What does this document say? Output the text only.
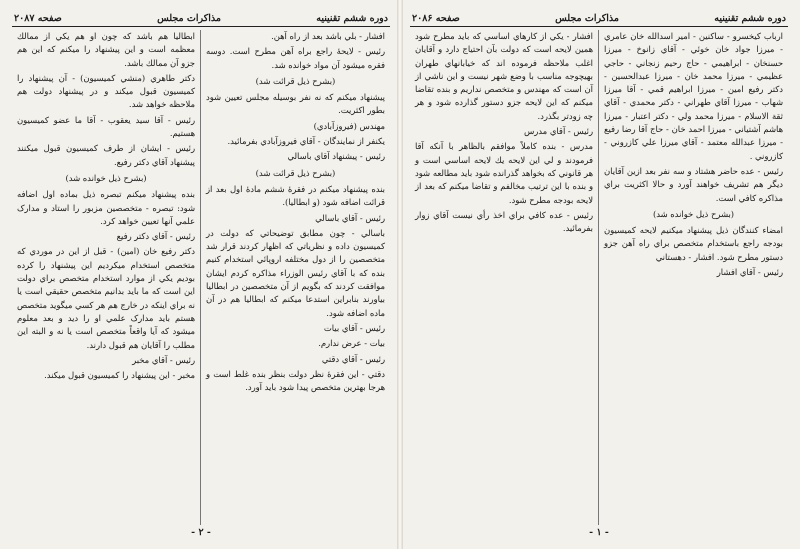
دوره ششم تقنينيه
مذاكرات مجلس
صفحه ۲۰۸۷

افشار - بلي باشد بعد از راه آهن.

رئيس - لايحهٔ راجع براه آهن مطرح است. دوسه فقره ميشود آن مواد خوانده شد.

(بشرح ذيل قرائت شد)

پيشنهاد ميکنم که نه نفر بوسيله مجلس تعيين شود بطور اكثريت.

مهندس (فيروزآبادي)

يكنفر از نمايندگان - آقاي فيروزآبادي بفرمائيد.

رئيس - پيشنهاد آقاي باسالي

(بشرح ذيل قرائت شد)

بنده پيشنهاد ميکنم در فقرهٔ ششم مادهٔ اول بعد از قرائت اضافه شود (و ابطاليا).

رئيس - آقاي باسالي

باسالي - چون مطابق توضيحاتي كه دولت در كميسيون داده و نظرياتي كه اظهار كردند قرار شد متخصصين را از دول مختلفه اروپائي استخدام كنيم بنده كه با آقاي رئيس الوزراء مذاكره كردم ايشان موافقت كردند كه بگويم از آن متخصصين در ابطاليا بياورند بنابراين استدعا ميكنم كه ابطاليا هم در آن ماده اضافه شود.

رئيس - آقاي بيات

بيات - عرض ندارم.

رئيس - آقاي دقتي

دقتي - اين فقرهٔ نظر دولت بنظر بنده غلط است و هرجا بهترين متخصص پيدا شود بايد آورد.

ابطاليا هم باشد كه چون او هم يكي از ممالك معظمه است و اين پيشنهاد را ميكنم كه اين هم جزو آن ممالك باشد.

دكتر طاهري (منشي كميسيون) - آن پيشنهاد را كميسيون قبول ميكند و در پيشنهاد دولت هم ملاحظه خواهد شد.

رئيس - آقا سيد يعقوب - آقا ما عضو كميسيون هستيم.

رئيس - ايشان از طرف كميسيون قبول ميكنند پيشنهاد آقاي دكتر رفيع.

(بشرح ذيل خوانده شد)

بنده پيشنهاد ميکنم تبصره ذيل بماده اول اضافه شود: تبصره - متخصصين مزبور را استاد و مدارک علمي آنها تعيين خواهد كرد.

رئيس - آقاي دكتر رفيع

دكتر رفيع خان (امين) - قبل از اين در موردي كه متخصص استخدام ميكرديم اين پيشنهاد را كرده بوديم يكي از موارد استخدام متخصص براي دولت اين است كه ما بايد بدانيم متخصص حقيقي است يا نه براي اينكه در خارج هم هر كسي ميگويد متخصص هستم بايد مدارک علمي او را ديد و بعد معلوم ميشود كه آيا واقعاً متخصص است يا نه و البته اين مطلب را آقايان هم قبول دارند.

رئيس - آقاي مخبر

مخبر - اين پيشنهاد را كميسيون قبول ميكند.

- ۲ -
دوره ششم تقنينيه
مذاكرات مجلس
صفحه ۲۰۸۶

ارباب كيخسرو - ساكنين - امير اسدالله خان عامري - ميرزا جواد خان خوئي - آقاي زانوخ - ميرزا حسنخان - ابراهيمي - حاج رحيم زنجاني - حاجي عظيمي - ميرزا محمد خان - ميرزا عبدالحسين - دكتر رفيع امين - ميرزا ابراهيم قمي - آقا ميرزا شهاب - ميرزا آقاي طهراني - دكتر محمدي - آقاي ثقة الاسلام - ميرزا محمد ولي - دكتر اعتبار - ميرزا هاشم آشتياني - ميرزا احمد خان - حاج آقا رضا رفيع - ميرزا عبدالله معتمد - آقاي ميرزا علي كازروني - كازروني .

رئيس - عده حاضر هشتاد و سه نفر بعد ازين آقايان ديگر هم تشريف خواهند آورد و حالا اكثريت براي مذاكره كافي است.

(بشرح ذيل خوانده شد)

امضاء كنندگان ذيل پيشنهاد ميکنيم لايحه كميسيون بودجه راجع باستخدام متخصص براي راه آهن جزو دستور مطرح شود. افشار - دهستاني

رئيس - آقاي افشار

افشار - يكي از كارهاي اساسي كه بايد مطرح شود همين لايحه است كه دولت بآن احتياج دارد و آقايان اغلب ملاحظه فرموده اند كه خيابانهاي طهران بهيچوجه مناسب با وضع شهر نيست و اين ناشي از آن است كه مهندس و متخصص نداريم و بنده تقاضا ميكنم كه اين لايحه جزو دستور گذارده شود و هر چه زودتر بگذرد.

رئيس - آقاي مدرس

مدرس - بنده كاملاً موافقم بالظاهر با آنكه آقا فرمودند و لي اين لايحه يك لايحه اساسي است و هر قانوني كه بخواهد گذرانده شود بايد مطالعه شود و بنده با اين ترتيب مخالفم و تقاضا ميكنم كه بعد از لايحه بودجه مطرح شود.

رئيس - عده كافي براي اخذ رأي نيست آقاي زوار بفرمائيد.

- ۱ -
